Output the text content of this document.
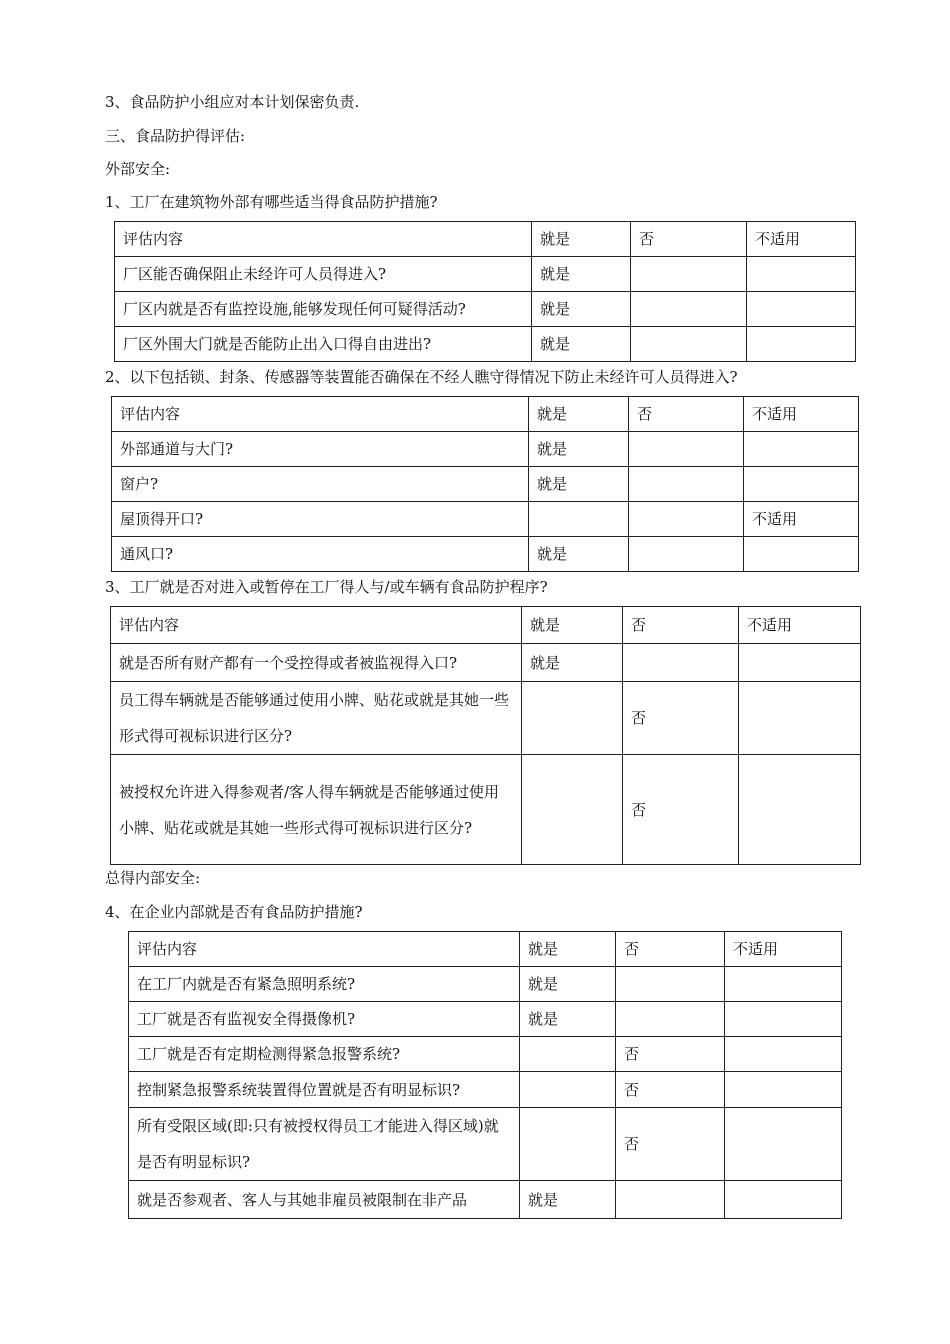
3、食品防护小组应对本计划保密负责.
三、食品防护得评估:
外部安全:
1、工厂在建筑物外部有哪些适当得食品防护措施?
评估内容	就是	否	不适用
厂区能否确保阻止未经许可人员得进入?	就是		
厂区内就是否有监控设施,能够发现任何可疑得活动?	就是		
厂区外围大门就是否能防止出入口得自由进出?	就是		
2、以下包括锁、封条、传感器等装置能否确保在不经人瞧守得情况下防止未经许可人员得进入?
评估内容	就是	否	不适用
外部通道与大门?	就是		
窗户?	就是		
屋顶得开口?			不适用
通风口?	就是		
3、工厂就是否对进入或暂停在工厂得人与/或车辆有食品防护程序?
评估内容	就是	否	不适用
就是否所有财产都有一个受控得或者被监视得入口?	就是		
员工得车辆就是否能够通过使用小牌、贴花或就是其她一些形式得可视标识进行区分?		否	
被授权允许进入得参观者/客人得车辆就是否能够通过使用小牌、贴花或就是其她一些形式得可视标识进行区分?		否	
总得内部安全:
4、在企业内部就是否有食品防护措施?
评估内容	就是	否	不适用
在工厂内就是否有紧急照明系统?	就是		
工厂就是否有监视安全得摄像机?	就是		
工厂就是否有定期检测得紧急报警系统?		否	
控制紧急报警系统装置得位置就是否有明显标识?		否	
所有受限区域(即:只有被授权得员工才能进入得区域)就是否有明显标识?		否	
就是否参观者、客人与其她非雇员被限制在非产品	就是		
